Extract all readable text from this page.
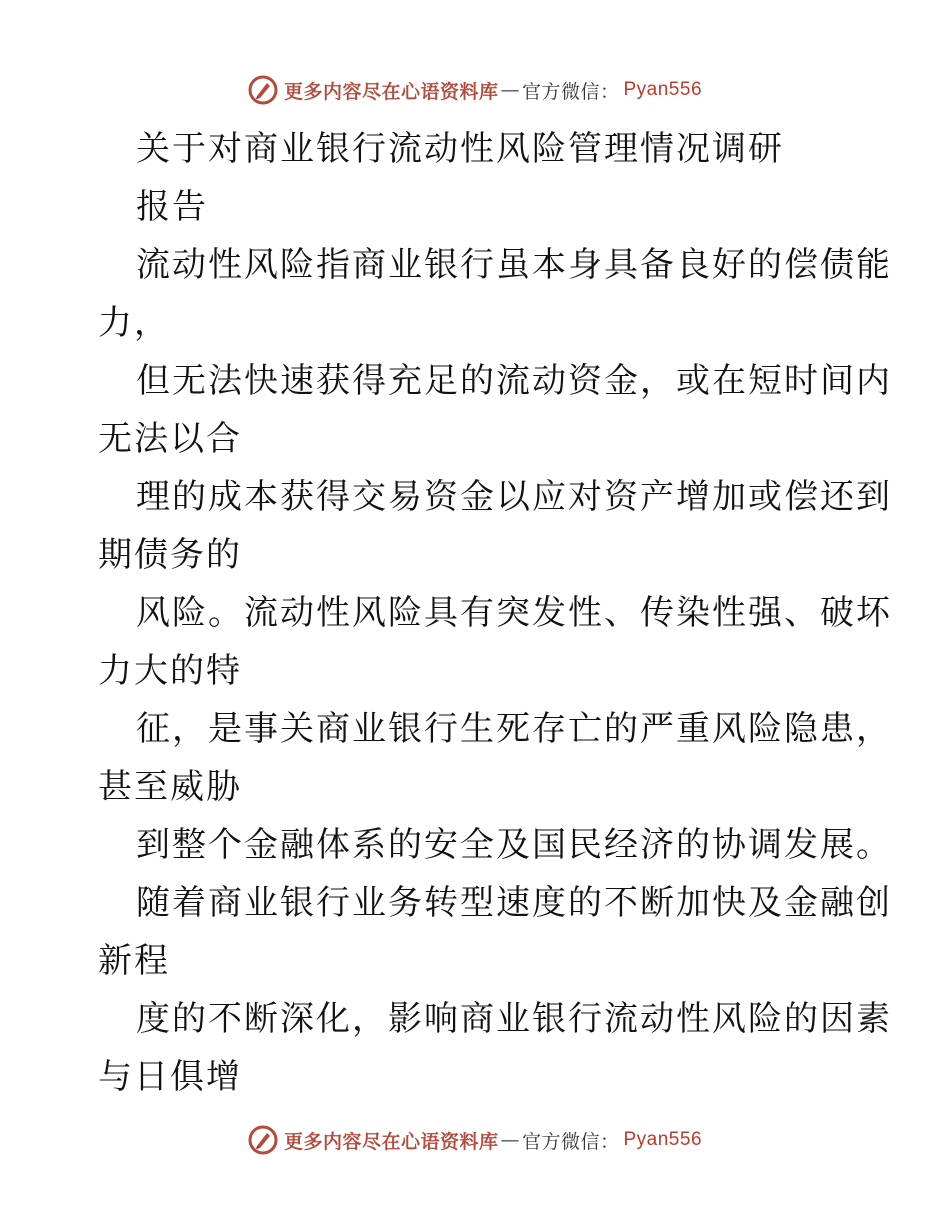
更多内容尽在心语资料库 — 官方微信： Pyan556
关于对商业银行流动性风险管理情况调研
报告
流动性风险指商业银行虽本身具备良好的偿债能
力，
但无法快速获得充足的流动资金，或在短时间内
无法以合
理的成本获得交易资金以应对资产增加或偿还到
期债务的
风险。流动性风险具有突发性、传染性强、破坏
力大的特
征，是事关商业银行生死存亡的严重风险隐患，
甚至威胁
到整个金融体系的安全及国民经济的协调发展。
随着商业银行业务转型速度的不断加快及金融创
新程
度的不断深化，影响商业银行流动性风险的因素
与日俱增
更多内容尽在心语资料库 — 官方微信： Pyan556
